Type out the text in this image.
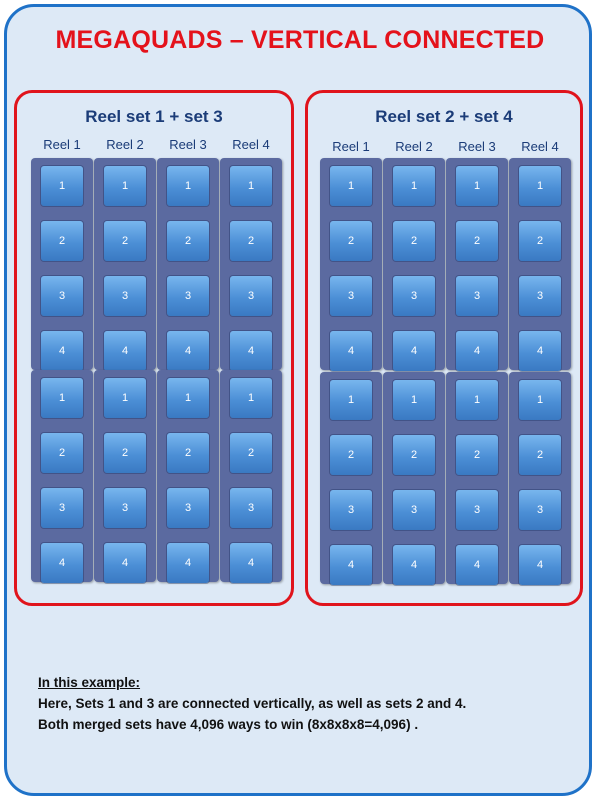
MEGAQUADS – VERTICAL CONNECTED
Reel set 1 + set 3	Reel set 2 + set 4
Reel 1
1
2
3
4
1
2
3
4
Reel 2
1
2
3
4
1
2
3
4
Reel 3
1
2
3
4
1
2
3
4
Reel 4
1
2
3
4
1
2
3
4
Reel 1
1
2
3
4
1
2
3
4
Reel 2
1
2
3
4
1
2
3
4
Reel 3
1
2
3
4
1
2
3
4
Reel 4
1
2
3
4
1
2
3
4
In this example:
Here, Sets 1 and 3 are connected vertically, as well as sets 2 and 4.
Both merged sets have 4,096 ways to win (8x8x8x8=4,096) .
